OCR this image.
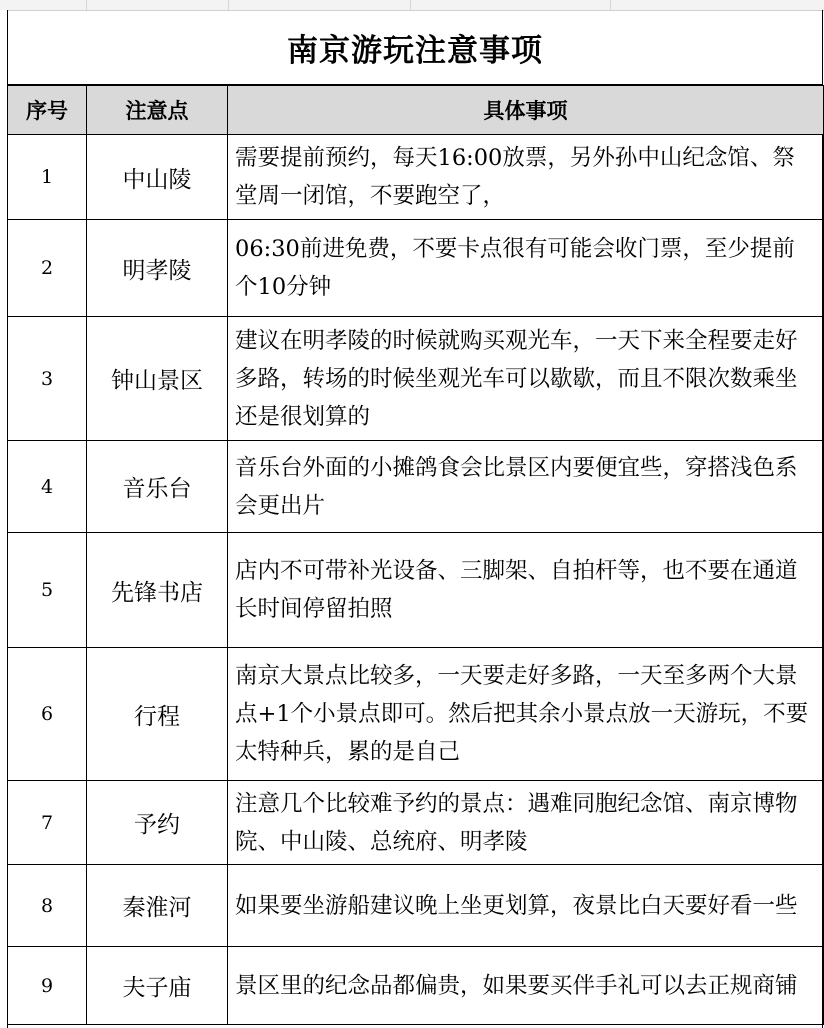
南京游玩注意事项
序号	注意点	具体事项
1	中山陵	需要提前预约，每天16:00放票，另外孙中山纪念馆、祭堂周一闭馆，不要跑空了，
2	明孝陵	06:30前进免费，不要卡点很有可能会收门票，至少提前个10分钟
3	钟山景区	建议在明孝陵的时候就购买观光车，一天下来全程要走好多路，转场的时候坐观光车可以歇歇，而且不限次数乘坐还是很划算的
4	音乐台	音乐台外面的小摊鸽食会比景区内要便宜些，穿搭浅色系会更出片
5	先锋书店	店内不可带补光设备、三脚架、自拍杆等，也不要在通道长时间停留拍照
6	行程	南京大景点比较多，一天要走好多路，一天至多两个大景点+1个小景点即可。然后把其余小景点放一天游玩，不要太特种兵，累的是自己
7	予约	注意几个比较难予约的景点：遇难同胞纪念馆、南京博物院、中山陵、总统府、明孝陵
8	秦淮河	如果要坐游船建议晚上坐更划算，夜景比白天要好看一些
9	夫子庙	景区里的纪念品都偏贵，如果要买伴手礼可以去正规商铺
